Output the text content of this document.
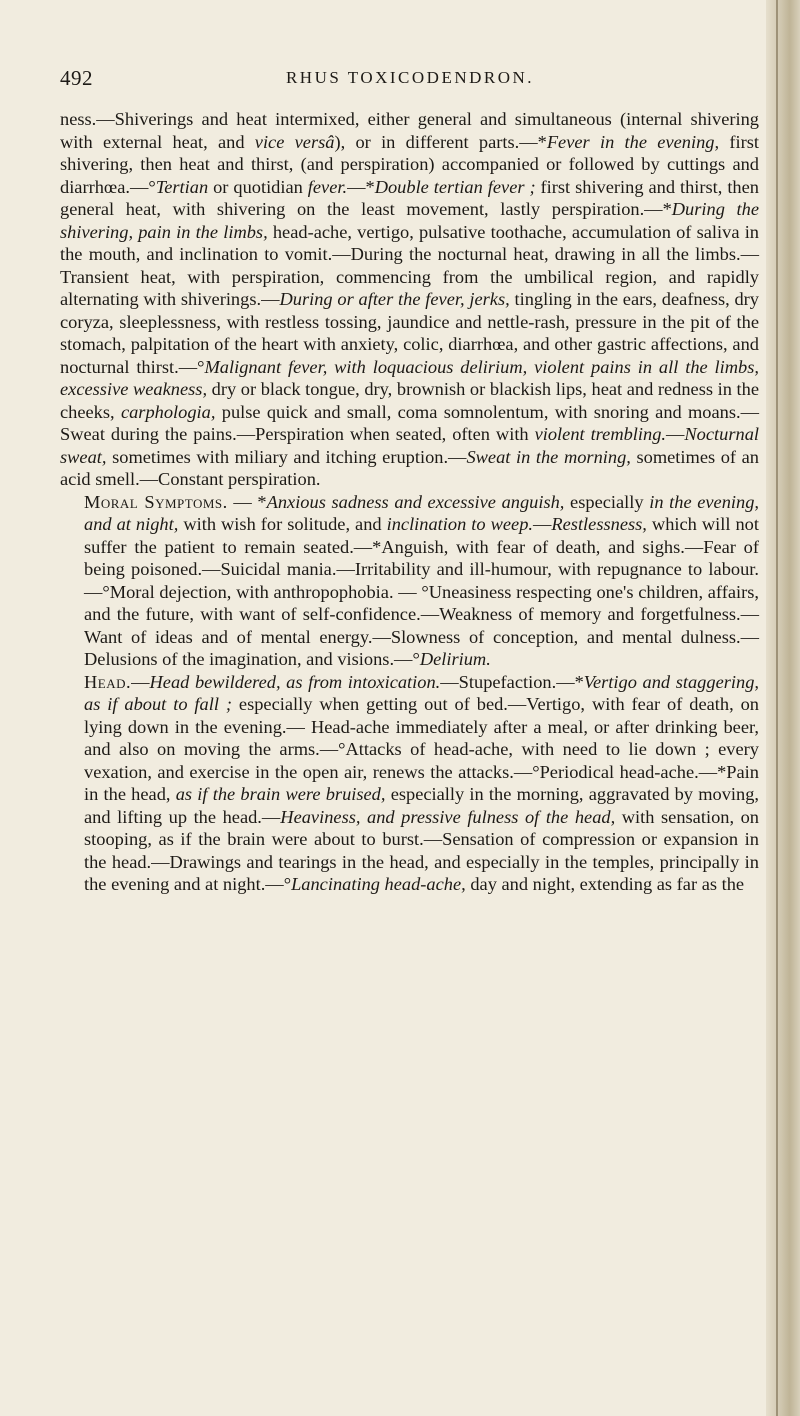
492	RHUS TOXICODENDRON.

ness.—Shiverings and heat intermixed, either general and simultaneous (internal shivering with external heat, and vice versâ), or in different parts.—*Fever in the evening, first shivering, then heat and thirst, (and perspiration) accompanied or followed by cuttings and diarrhœa.—°Tertian or quotidian fever.—*Double tertian fever ; first shivering and thirst, then general heat, with shivering on the least movement, lastly perspiration.—*During the shivering, pain in the limbs, head-ache, vertigo, pulsative toothache, accumulation of saliva in the mouth, and inclination to vomit.—During the nocturnal heat, drawing in all the limbs.—Transient heat, with perspiration, commencing from the umbilical region, and rapidly alternating with shiverings.—During or after the fever, jerks, tingling in the ears, deafness, dry coryza, sleeplessness, with restless tossing, jaundice and nettle-rash, pressure in the pit of the stomach, palpitation of the heart with anxiety, colic, diarrhœa, and other gastric affections, and nocturnal thirst.—°Malignant fever, with loquacious delirium, violent pains in all the limbs, excessive weakness, dry or black tongue, dry, brownish or blackish lips, heat and redness in the cheeks, carphologia, pulse quick and small, coma somnolentum, with snoring and moans.—Sweat during the pains.—Perspiration when seated, often with violent trembling.—Nocturnal sweat, sometimes with miliary and itching eruption.—Sweat in the morning, sometimes of an acid smell.—Constant perspiration.

Moral Symptoms. — *Anxious sadness and excessive anguish, especially in the evening, and at night, with wish for solitude, and inclination to weep.—Restlessness, which will not suffer the patient to remain seated.—*Anguish, with fear of death, and sighs.—Fear of being poisoned.—Suicidal mania.—Irritability and ill-humour, with repugnance to labour.—°Moral dejection, with anthropophobia. — °Uneasiness respecting one's children, affairs, and the future, with want of self-confidence.—Weakness of memory and forgetfulness.—Want of ideas and of mental energy.—Slowness of conception, and mental dulness.—Delusions of the imagination, and visions.—°Delirium.

Head.—Head bewildered, as from intoxication.—Stupefaction.—*Vertigo and staggering, as if about to fall ; especially when getting out of bed.—Vertigo, with fear of death, on lying down in the evening.— Head-ache immediately after a meal, or after drinking beer, and also on moving the arms.—°Attacks of head-ache, with need to lie down ; every vexation, and exercise in the open air, renews the attacks.—°Periodical head-ache.—*Pain in the head, as if the brain were bruised, especially in the morning, aggravated by moving, and lifting up the head.—Heaviness, and pressive fulness of the head, with sensation, on stooping, as if the brain were about to burst.—Sensation of compression or expansion in the head.—Drawings and tearings in the head, and especially in the temples, principally in the evening and at night.—°Lancinating head-ache, day and night, extending as far as the
